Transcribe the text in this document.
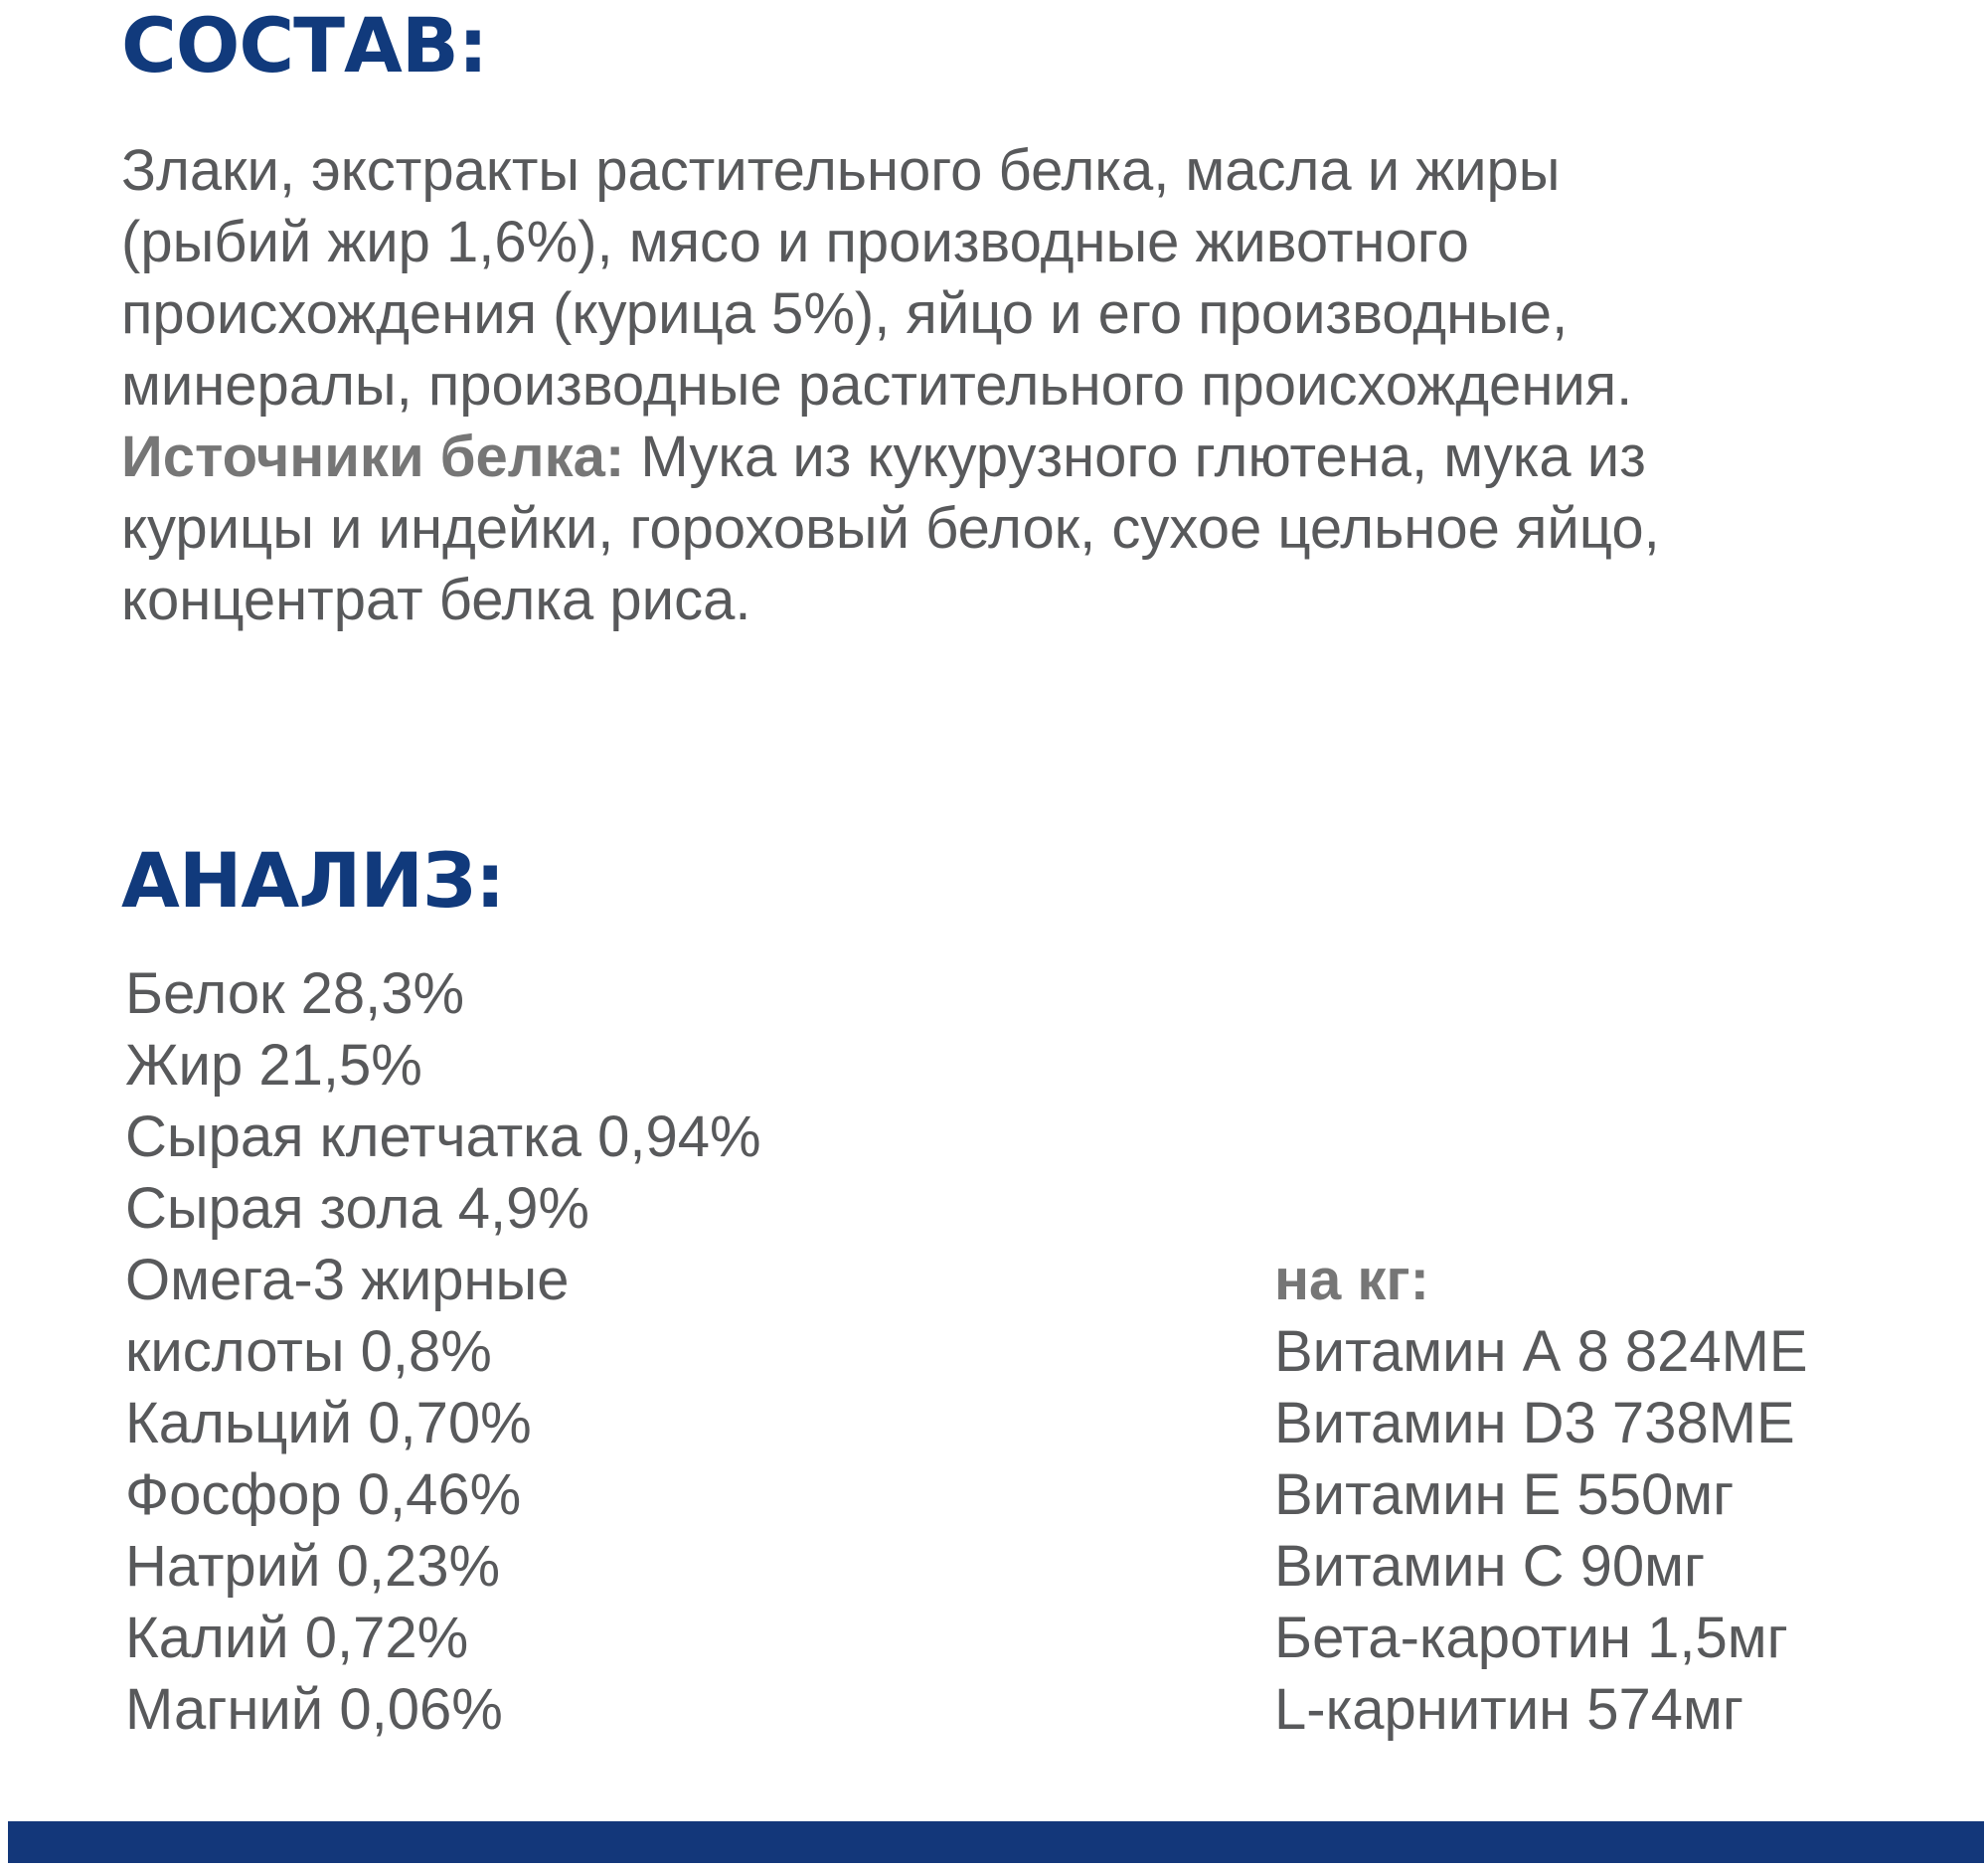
СОСТАВ:

Злаки, экстракты растительного белка, масла и жиры
(рыбий жир 1,6%), мясо и производные животного
происхождения (курица 5%), яйцо и его производные,
минералы, производные растительного происхождения.
Источники белка: Мука из кукурузного глютена, мука из
курицы и индейки, гороховый белок, сухое цельное яйцо,
концентрат белка риса.

АНАЛИЗ:
Белок 28,3%
Жир 21,5%
Сырая клетчатка 0,94%
Сырая зола 4,9%
Омега-3 жирные
кислоты 0,8%
Кальций 0,70%
Фосфор 0,46%
Натрий 0,23%
Калий 0,72%
Магний 0,06%
на кг:
Витамин А 8 824МЕ
Витамин D3 738МЕ
Витамин Е 550мг
Витамин С 90мг
Бета-каротин 1,5мг
L-карнитин 574мг
